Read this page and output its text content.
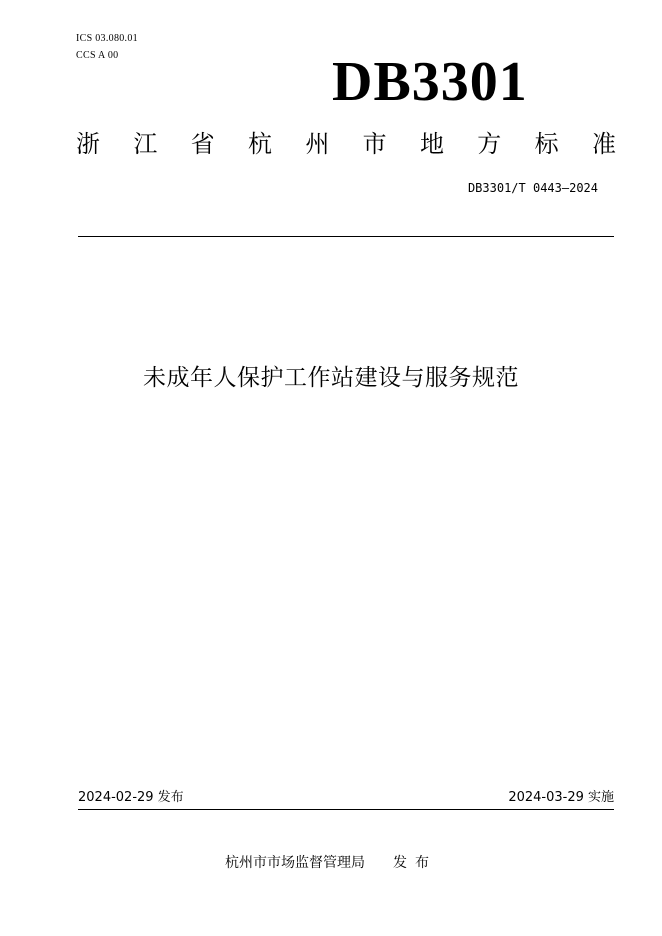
ICS 03.080.01
CCS A 00	DB3301
浙 江 省 杭 州 市 地 方 标 准
DB3301/T 0443—2024
未成年人保护工作站建设与服务规范
2024-02-29 发布	2024-03-29 实施
杭州市市场监督管理局 发布
